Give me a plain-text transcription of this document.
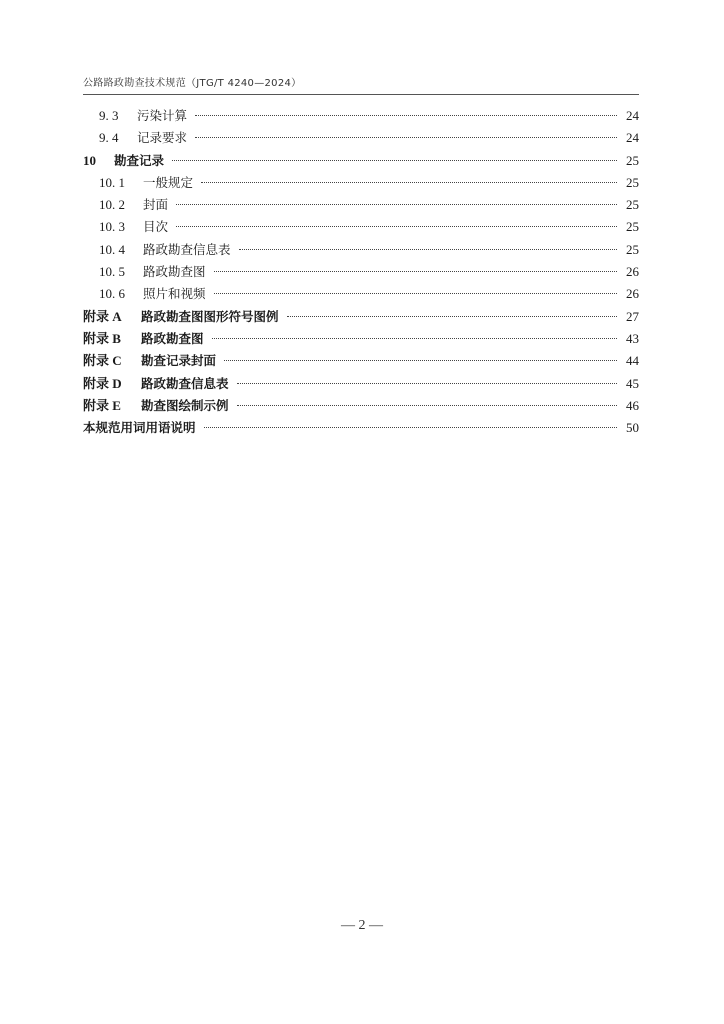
公路路政勘查技术规范（JTG/T 4240—2024）
9. 3	污染计算	24
9. 4	记录要求	24
10	勘查记录	25
10. 1	一般规定	25
10. 2	封面	25
10. 3	目次	25
10. 4	路政勘查信息表	25
10. 5	路政勘查图	26
10. 6	照片和视频	26
附录 A	路政勘查图图形符号图例	27
附录 B	路政勘查图	43
附录 C	勘查记录封面	44
附录 D	路政勘查信息表	45
附录 E	勘查图绘制示例	46
本规范用词用语说明	50
— 2 —
